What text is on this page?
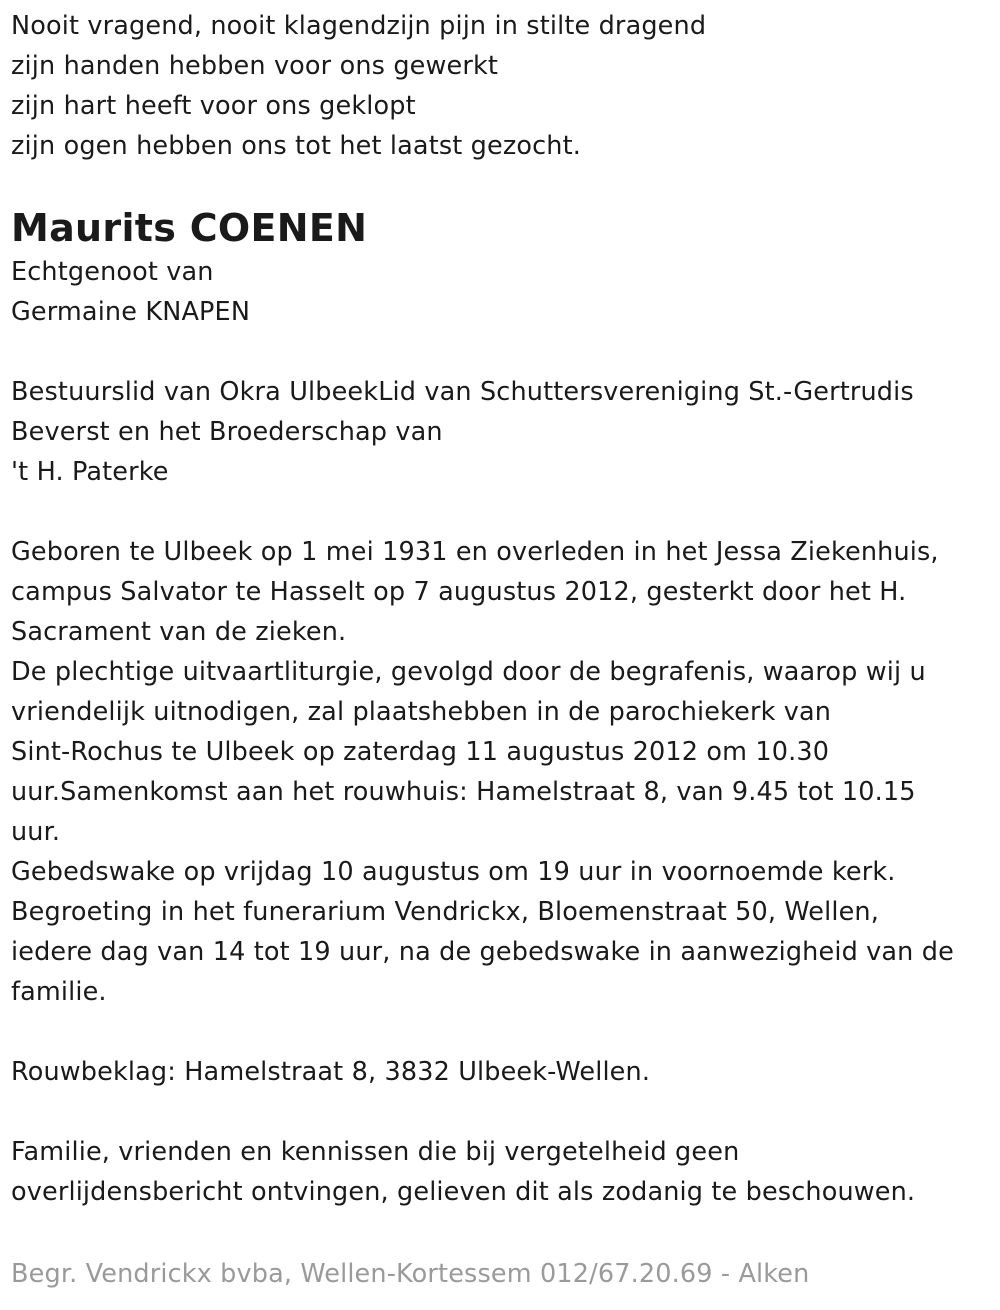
Nooit vragend, nooit klagendzijn pijn in stilte dragend
zijn handen hebben voor ons gewerkt
zijn hart heeft voor ons geklopt
zijn ogen hebben ons tot het laatst gezocht.
Maurits COENEN
Echtgenoot van
Germaine KNAPEN
Bestuurslid van Okra UlbeekLid van Schuttersvereniging St.-Gertrudis
Beverst en het Broederschap van
't H. Paterke
Geboren te Ulbeek op 1 mei 1931 en overleden in het Jessa Ziekenhuis,
campus Salvator te Hasselt op 7 augustus 2012, gesterkt door het H.
Sacrament van de zieken.
De plechtige uitvaartliturgie, gevolgd door de begrafenis, waarop wij u
vriendelijk uitnodigen, zal plaatshebben in de parochiekerk van
Sint-Rochus te Ulbeek op zaterdag 11 augustus 2012 om 10.30
uur.Samenkomst aan het rouwhuis: Hamelstraat 8, van 9.45 tot 10.15
uur.
Gebedswake op vrijdag 10 augustus om 19 uur in voornoemde kerk.
Begroeting in het funerarium Vendrickx, Bloemenstraat 50, Wellen,
iedere dag van 14 tot 19 uur, na de gebedswake in aanwezigheid van de
familie.
Rouwbeklag: Hamelstraat 8, 3832 Ulbeek-Wellen.
Familie, vrienden en kennissen die bij vergetelheid geen
overlijdensbericht ontvingen, gelieven dit als zodanig te beschouwen.
Begr. Vendrickx bvba, Wellen-Kortessem 012/67.20.69 - Alken
